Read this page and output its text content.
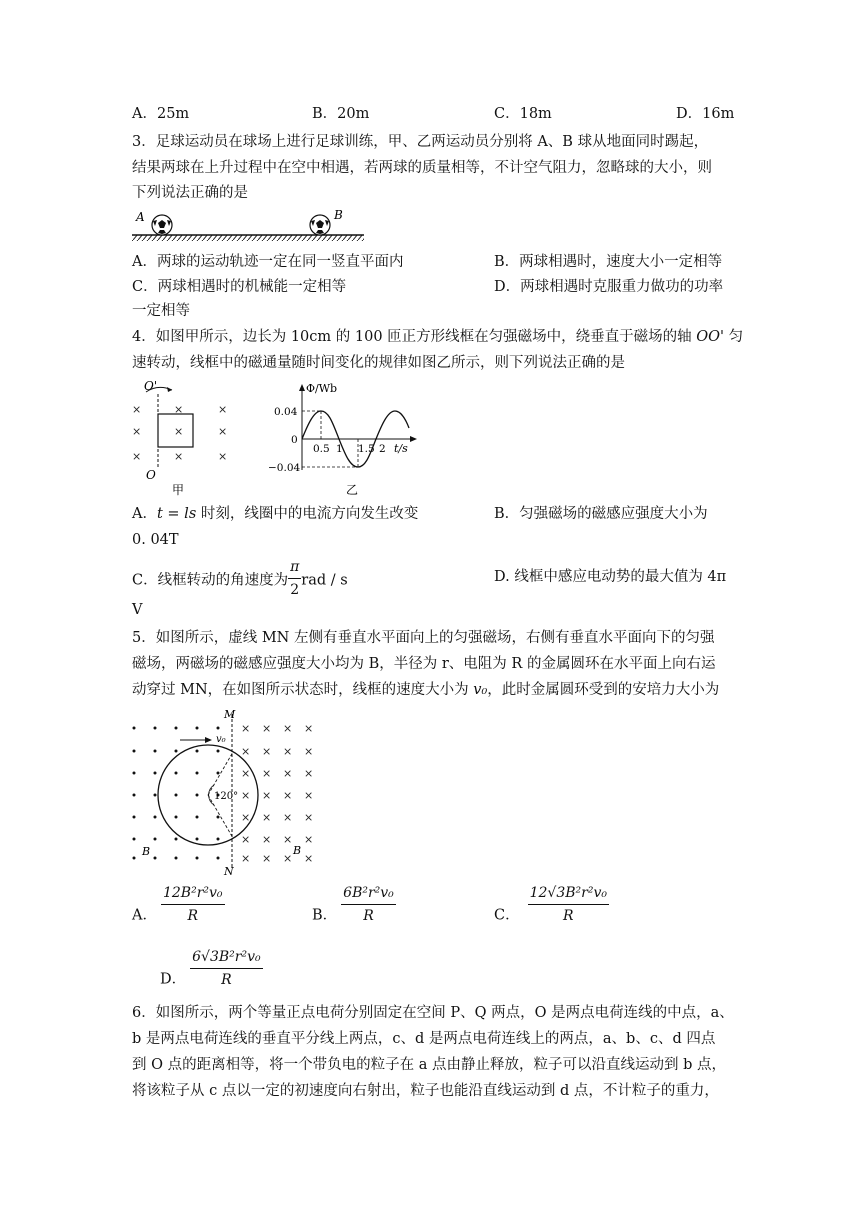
A．25m	B．20m	C．18m	D．16m
3．足球运动员在球场上进行足球训练，甲、乙两运动员分别将 A、B 球从地面同时踢起，
结果两球在上升过程中在空中相遇，若两球的质量相等，不计空气阻力，忽略球的大小，则
下列说法正确的是
A	B
A．两球的运动轨迹一定在同一竖直平面内	B．两球相遇时，速度大小一定相等
C．两球相遇时的机械能一定相等	D．两球相遇时克服重力做功的功率
一定相等
4．如图甲所示，边长为 10cm 的 100 匝正方形线框在匀强磁场中，绕垂直于磁场的轴 OO' 匀
速转动，线框中的磁通量随时间变化的规律如图乙所示，则下列说法正确的是
×
×
×
×
×
×
×
×
×
O'
O
甲
Φ/Wb
t/s
0.04
−0.04
0
0.5 1 1.5 2
乙
A．t = ls 时刻，线圈中的电流方向发生改变	B．匀强磁场的磁感应强度大小为
0. 04T
C．线框转动的角速度为 $\frac{\pi}{2}$ rad / s	D. 线框中感应电动势的最大值为 4π
V
5．如图所示，虚线 MN 左侧有垂直水平面向上的匀强磁场，右侧有垂直水平面向下的匀强
磁场，两磁场的磁感应强度大小均为 B，半径为 r、电阻为 R 的金属圆环在水平面上向右运
动穿过 MN，在如图所示状态时，线框的速度大小为 v₀，此时金属圆环受到的安培力大小为
× × × ×
× × × ×
× × × ×
× × × ×
× × × ×
× × × ×
× × × ×
v₀
120°
M
N
B	B
A． $\frac{\text{12B²r²v₀}}{R}$	B． $\frac{\text{6B²r²v₀}}{R}$	C． $\frac{\text{12√3B²r²v₀}}{R}$
D． $\frac{\text{6√3B²r²v₀}}{R}$
6．如图所示，两个等量正点电荷分别固定在空间 P、Q 两点，O 是两点电荷连线的中点，a、
b 是两点电荷连线的垂直平分线上两点，c、d 是两点电荷连线上的两点，a、b、c、d 四点
到 O 点的距离相等，将一个带负电的粒子在 a 点由静止释放，粒子可以沿直线运动到 b 点，
将该粒子从 c 点以一定的初速度向右射出，粒子也能沿直线运动到 d 点，不计粒子的重力，
